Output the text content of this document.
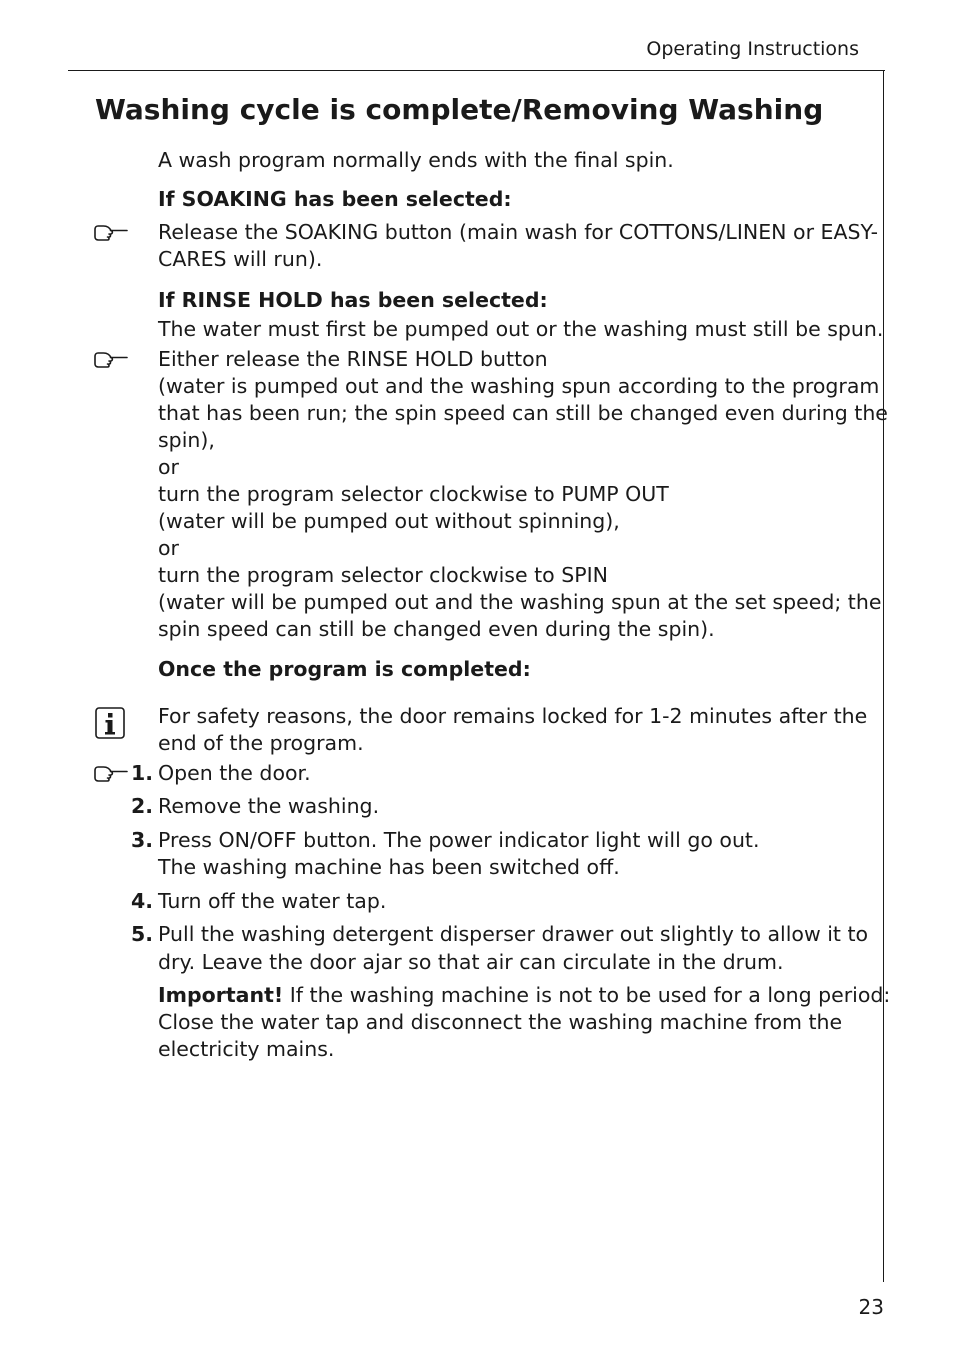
Operating Instructions
Washing cycle is complete/Removing Washing
A wash program normally ends with the final spin.
If SOAKING has been selected:
Release the SOAKING button (main wash for COTTONS/LINEN or EASY-
CARES will run).
If RINSE HOLD has been selected:
The water must first be pumped out or the washing must still be spun.
Either release the RINSE HOLD button
(water is pumped out and the washing spun according to the program
that has been run; the spin speed can still be changed even during the
spin),
or
turn the program selector clockwise to PUMP OUT
(water will be pumped out without spinning),
or
turn the program selector clockwise to SPIN
(water will be pumped out and the washing spun at the set speed; the
spin speed can still be changed even during the spin).
Once the program is completed:
For safety reasons, the door remains locked for 1-2 minutes after the
end of the program.
1. Open the door.
2. Remove the washing.
3. Press ON/OFF button. The power indicator light will go out.
The washing machine has been switched off.
4. Turn off the water tap.
5. Pull the washing detergent disperser drawer out slightly to allow it to
dry. Leave the door ajar so that air can circulate in the drum.
Important! If the washing machine is not to be used for a long period:
Close the water tap and disconnect the washing machine from the
electricity mains.
23
